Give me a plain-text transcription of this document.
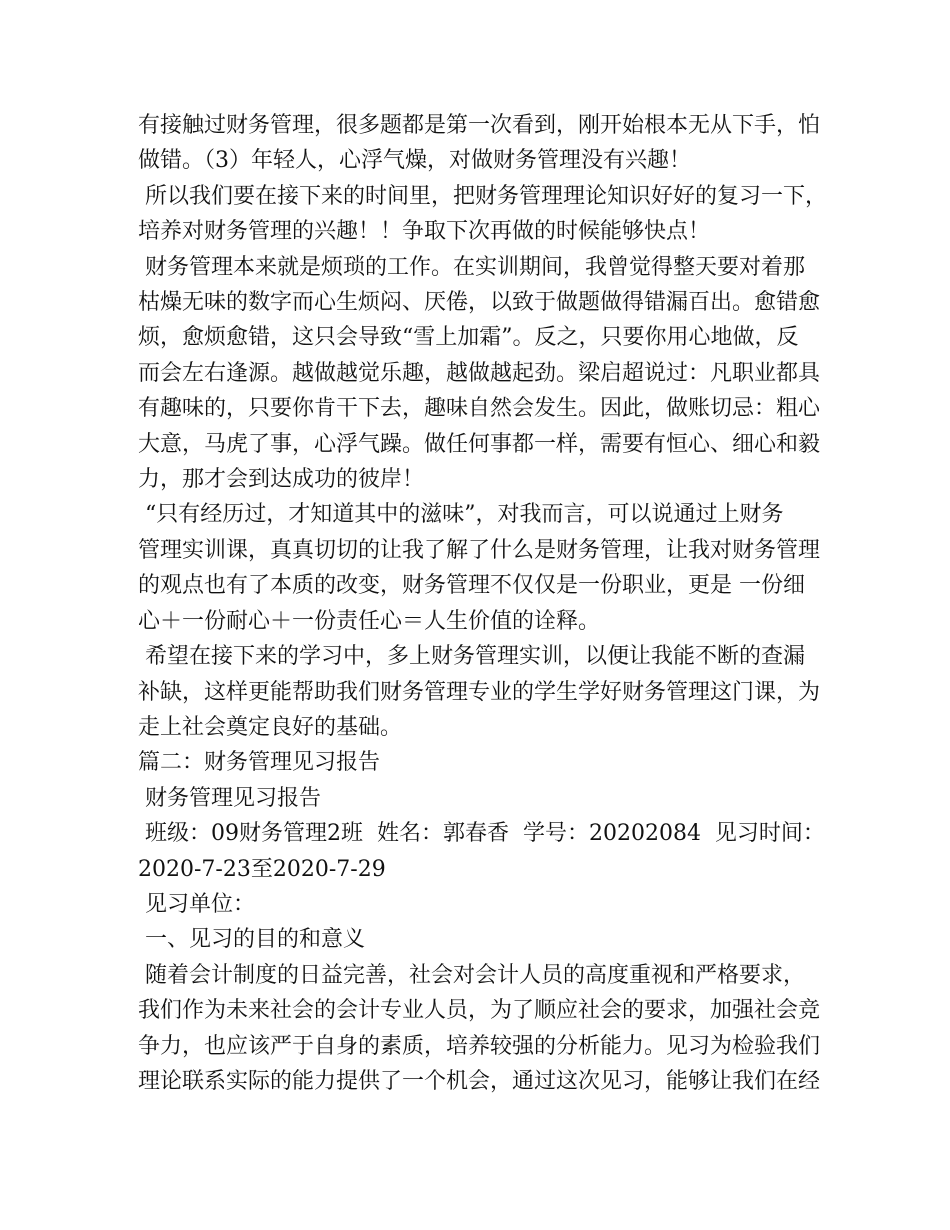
有接触过财务管理，很多题都是第一次看到，刚开始根本无从下手，怕
做错。（3）年轻人，心浮气燥，对做财务管理没有兴趣！
所以我们要在接下来的时间里，把财务管理理论知识好好的复习一下，
培养对财务管理的兴趣！！争取下次再做的时候能够快点！
财务管理本来就是烦琐的工作。在实训期间，我曾觉得整天要对着那
枯燥无味的数字而心生烦闷、厌倦，以致于做题做得错漏百出。愈错愈
烦，愈烦愈错，这只会导致“雪上加霜”。反之，只要你用心地做，反
而会左右逢源。越做越觉乐趣，越做越起劲。梁启超说过：凡职业都具
有趣味的，只要你肯干下去，趣味自然会发生。因此，做账切忌：粗心
大意，马虎了事，心浮气躁。做任何事都一样，需要有恒心、细心和毅
力，那才会到达成功的彼岸！
“只有经历过，才知道其中的滋味”，对我而言，可以说通过上财务
管理实训课，真真切切的让我了解了什么是财务管理，让我对财务管理
的观点也有了本质的改变，财务管理不仅仅是一份职业，更是 一份细
心＋一份耐心＋一份责任心＝人生价值的诠释。
希望在接下来的学习中，多上财务管理实训，以便让我能不断的查漏
补缺，这样更能帮助我们财务管理专业的学生学好财务管理这门课，为
走上社会奠定良好的基础。
篇二：财务管理见习报告
财务管理见习报告
班级：09财务管理2班  姓名：郭春香  学号：20202084  见习时间：
2020-7-23至2020-7-29
见习单位：
一、见习的目的和意义
随着会计制度的日益完善，社会对会计人员的高度重视和严格要求，
我们作为未来社会的会计专业人员，为了顺应社会的要求，加强社会竞
争力，也应该严于自身的素质，培养较强的分析能力。见习为检验我们
理论联系实际的能力提供了一个机会，通过这次见习，能够让我们在经
